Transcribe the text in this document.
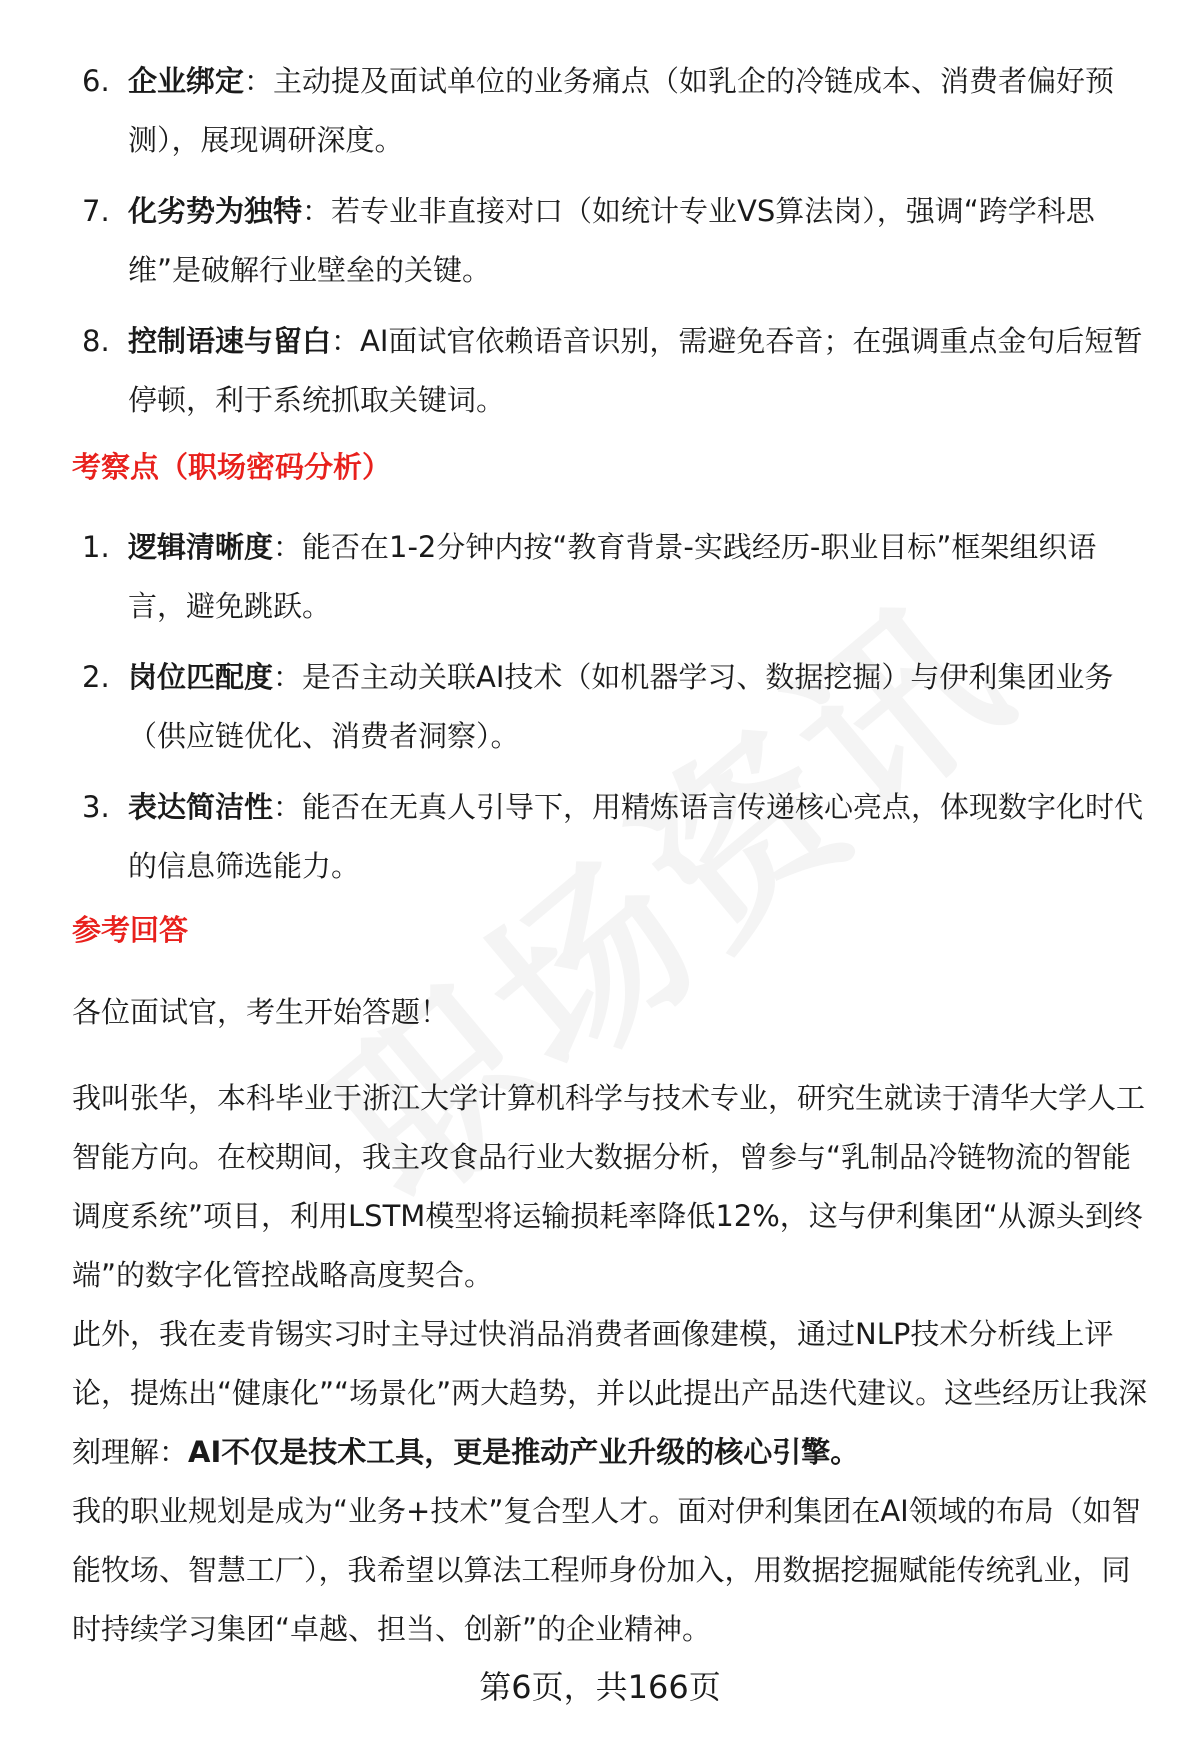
6. 企业绑定：主动提及面试单位的业务痛点（如乳企的冷链成本、消费者偏好预测），展现调研深度。
7. 化劣势为独特：若专业非直接对口（如统计专业VS算法岗），强调“跨学科思维”是破解行业壁垒的关键。
8. 控制语速与留白：AI面试官依赖语音识别，需避免吞音；在强调重点金句后短暂停顿，利于系统抓取关键词。
考察点（职场密码分析）
1. 逻辑清晰度：能否在1-2分钟内按“教育背景-实践经历-职业目标”框架组织语言，避免跳跃。
2. 岗位匹配度：是否主动关联AI技术（如机器学习、数据挖掘）与伊利集团业务（供应链优化、消费者洞察）。
3. 表达简洁性：能否在无真人引导下，用精炼语言传递核心亮点，体现数字化时代的信息筛选能力。
参考回答

各位面试官，考生开始答题！

我叫张华，本科毕业于浙江大学计算机科学与技术专业，研究生就读于清华大学人工智能方向。在校期间，我主攻食品行业大数据分析，曾参与“乳制品冷链物流的智能调度系统”项目，利用LSTM模型将运输损耗率降低12%，这与伊利集团“从源头到终端”的数字化管控战略高度契合。

此外，我在麦肯锡实习时主导过快消品消费者画像建模，通过NLP技术分析线上评论，提炼出“健康化”“场景化”两大趋势，并以此提出产品迭代建议。这些经历让我深刻理解：AI不仅是技术工具，更是推动产业升级的核心引擎。

我的职业规划是成为“业务+技术”复合型人才。面对伊利集团在AI领域的布局（如智能牧场、智慧工厂），我希望以算法工程师身份加入，用数据挖掘赋能传统乳业，同时持续学习集团“卓越、担当、创新”的企业精神。

第6页，共166页
